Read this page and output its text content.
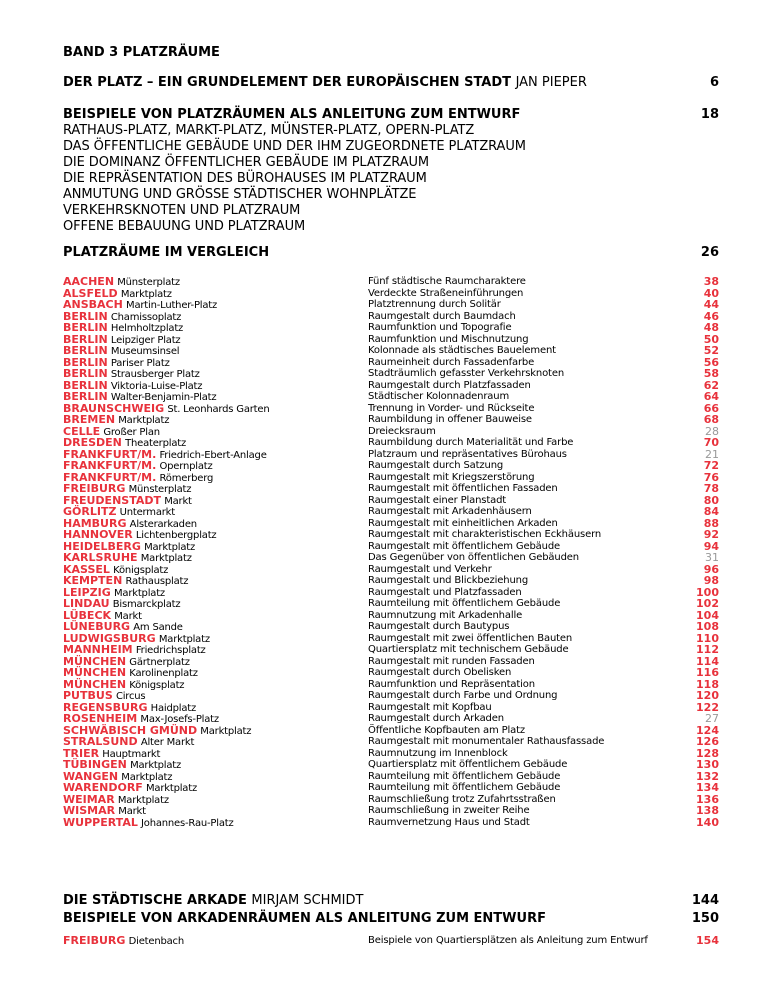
BAND 3 PLATZRÄUME
DER PLATZ – EIN GRUNDELEMENT DER EUROPÄISCHEN STADT JAN PIEPER	6
BEISPIELE VON PLATZRÄUMEN ALS ANLEITUNG ZUM ENTWURF	18
RATHAUS-PLATZ, MARKT-PLATZ, MÜNSTER-PLATZ, OPERN-PLATZ
DAS ÖFFENTLICHE GEBÄUDE UND DER IHM ZUGEORDNETE PLATZRAUM
DIE DOMINANZ ÖFFENTLICHER GEBÄUDE IM PLATZRAUM
DIE REPRÄSENTATION DES BÜROHAUSES IM PLATZRAUM
ANMUTUNG UND GRÖSSE STÄDTISCHER WOHNPLÄTZE
VERKEHRSKNOTEN UND PLATZRAUM
OFFENE BEBAUUNG UND PLATZRAUM
PLATZRÄUME IM VERGLEICH	26
AACHEN Münsterplatz	Fünf städtische Raumcharaktere	38
ALSFELD Marktplatz	Verdeckte Straßeneinführungen	40
ANSBACH Martin-Luther-Platz	Platztrennung durch Solitär	44
BERLIN Chamissoplatz	Raumgestalt durch Baumdach	46
BERLIN Helmholtzplatz	Raumfunktion und Topografie	48
BERLIN Leipziger Platz	Raumfunktion und Mischnutzung	50
BERLIN Museumsinsel	Kolonnade als städtisches Bauelement	52
BERLIN Pariser Platz	Raumeinheit durch Fassadenfarbe	56
BERLIN Strausberger Platz	Stadträumlich gefasster Verkehrsknoten	58
BERLIN Viktoria-Luise-Platz	Raumgestalt durch Platzfassaden	62
BERLIN Walter-Benjamin-Platz	Städtischer Kolonnadenraum	64
BRAUNSCHWEIG St. Leonhards Garten	Trennung in Vorder- und Rückseite	66
BREMEN Marktplatz	Raumbildung in offener Bauweise	68
CELLE Großer Plan	Dreiecksraum	28
DRESDEN Theaterplatz	Raumbildung durch Materialität und Farbe	70
FRANKFURT/M. Friedrich-Ebert-Anlage	Platzraum und repräsentatives Bürohaus	21
FRANKFURT/M. Opernplatz	Raumgestalt durch Satzung	72
FRANKFURT/M. Römerberg	Raumgestalt mit Kriegszerstörung	76
FREIBURG Münsterplatz	Raumgestalt mit öffentlichen Fassaden	78
FREUDENSTADT Markt	Raumgestalt einer Planstadt	80
GÖRLITZ Untermarkt	Raumgestalt mit Arkadenhäusern	84
HAMBURG Alsterarkaden	Raumgestalt mit einheitlichen Arkaden	88
HANNOVER Lichtenbergplatz	Raumgestalt mit charakteristischen Eckhäusern	92
HEIDELBERG Marktplatz	Raumgestalt mit öffentlichem Gebäude	94
KARLSRUHE Marktplatz	Das Gegenüber von öffentlichen Gebäuden	31
KASSEL Königsplatz	Raumgestalt und Verkehr	96
KEMPTEN Rathausplatz	Raumgestalt und Blickbeziehung	98
LEIPZIG Marktplatz	Raumgestalt und Platzfassaden	100
LINDAU Bismarckplatz	Raumteilung mit öffentlichem Gebäude	102
LÜBECK Markt	Raumnutzung mit Arkadenhalle	104
LÜNEBURG Am Sande	Raumgestalt durch Bautypus	108
LUDWIGSBURG Marktplatz	Raumgestalt mit zwei öffentlichen Bauten	110
MANNHEIM Friedrichsplatz	Quartiersplatz mit technischem Gebäude	112
MÜNCHEN Gärtnerplatz	Raumgestalt mit runden Fassaden	114
MÜNCHEN Karolinenplatz	Raumgestalt durch Obelisken	116
MÜNCHEN Königsplatz	Raumfunktion und Repräsentation	118
PUTBUS Circus	Raumgestalt durch Farbe und Ordnung	120
REGENSBURG Haidplatz	Raumgestalt mit Kopfbau	122
ROSENHEIM Max-Josefs-Platz	Raumgestalt durch Arkaden	27
SCHWÄBISCH GMÜND Marktplatz	Öffentliche Kopfbauten am Platz	124
STRALSUND Alter Markt	Raumgestalt mit monumentaler Rathausfassade	126
TRIER Hauptmarkt	Raumnutzung im Innenblock	128
TÜBINGEN Marktplatz	Quartiersplatz mit öffentlichem Gebäude	130
WANGEN Marktplatz	Raumteilung mit öffentlichem Gebäude	132
WARENDORF Marktplatz	Raumteilung mit öffentlichem Gebäude	134
WEIMAR Marktplatz	Raumschließung trotz Zufahrtsstraßen	136
WISMAR Markt	Raumschließung in zweiter Reihe	138
WUPPERTAL Johannes-Rau-Platz	Raumvernetzung Haus und Stadt	140
DIE STÄDTISCHE ARKADE MIRJAM SCHMIDT	144
BEISPIELE VON ARKADENRÄUMEN ALS ANLEITUNG ZUM ENTWURF	150
FREIBURG Dietenbach	Beispiele von Quartiersplätzen als Anleitung zum Entwurf	154
